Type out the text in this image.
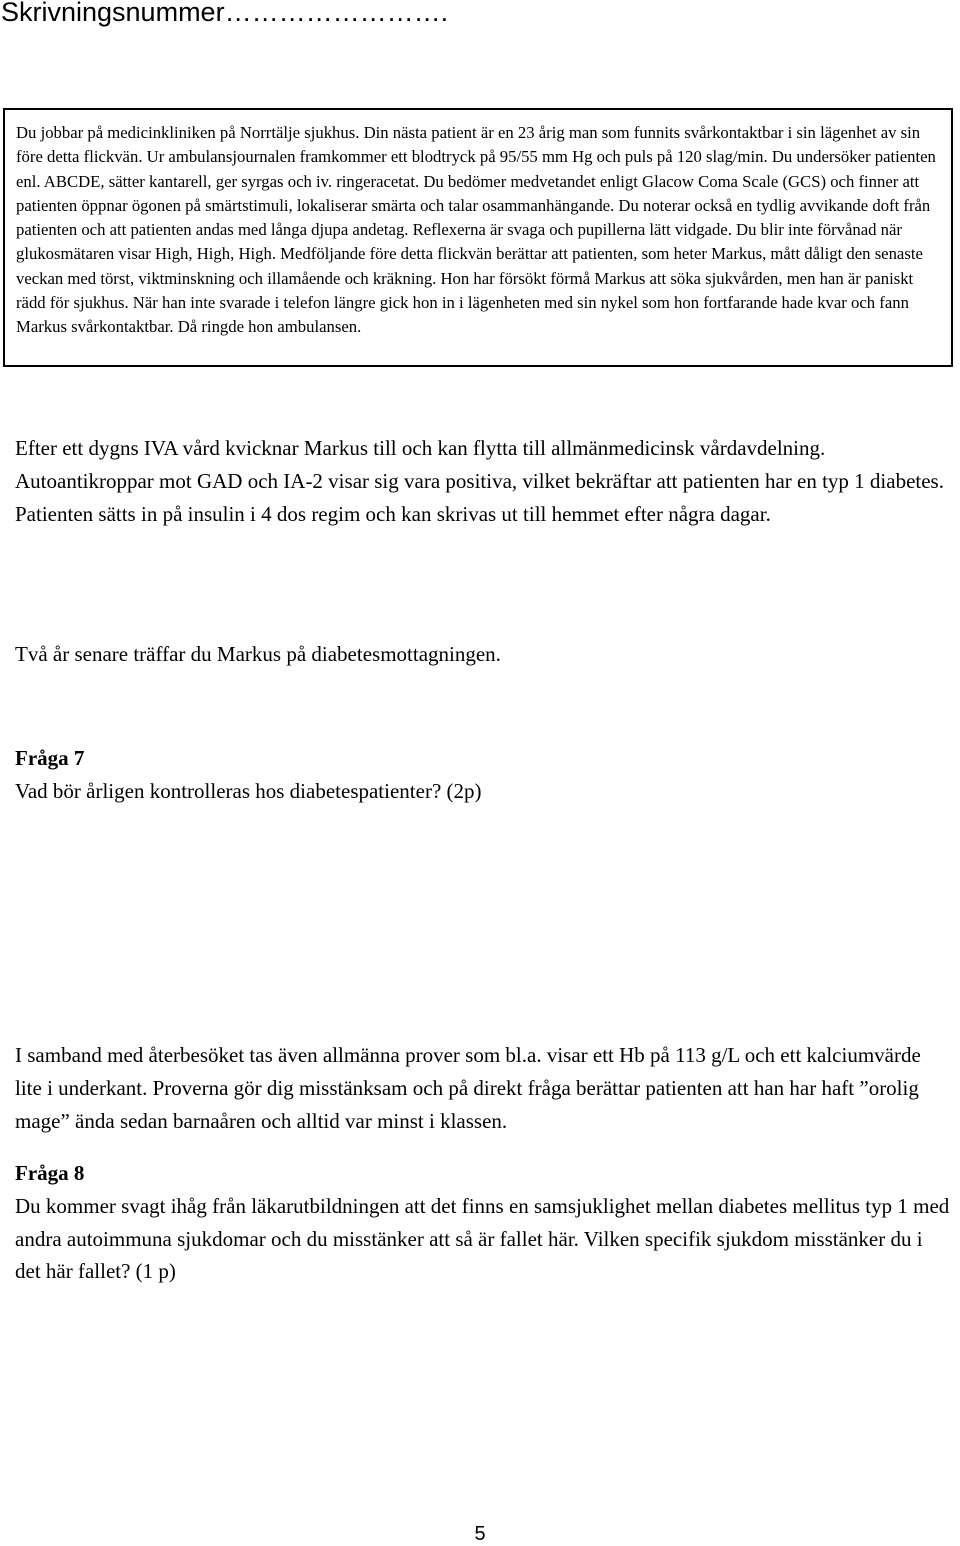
Skrivningsnummer…………………….

Du jobbar på medicinkliniken på Norrtälje sjukhus. Din nästa patient är en 23 årig man som funnits svårkontaktbar i sin lägenhet av sin före detta flickvän. Ur ambulansjournalen framkommer ett blodtryck på 95/55 mm Hg och puls på 120 slag/min. Du undersöker patienten enl. ABCDE, sätter kantarell, ger syrgas och iv. ringeracetat. Du bedömer medvetandet enligt Glacow Coma Scale (GCS) och finner att patienten öppnar ögonen på smärtstimuli, lokaliserar smärta och talar osammanhängande. Du noterar också en tydlig avvikande doft från patienten och att patienten andas med långa djupa andetag. Reflexerna är svaga och pupillerna lätt vidgade. Du blir inte förvånad när glukosmätaren visar High, High, High. Medföljande före detta flickvän berättar att patienten, som heter Markus, mått dåligt den senaste veckan med törst, viktminskning och illamående och kräkning. Hon har försökt förmå Markus att söka sjukvården, men han är paniskt rädd för sjukhus. När han inte svarade i telefon längre gick hon in i lägenheten med sin nykel som hon fortfarande hade kvar och fann Markus svårkontaktbar. Då ringde hon ambulansen.

Efter ett dygns IVA vård kvicknar Markus till och kan flytta till allmänmedicinsk vårdavdelning. Autoantikroppar mot GAD och IA-2 visar sig vara positiva, vilket bekräftar att patienten har en typ 1 diabetes. Patienten sätts in på insulin i 4 dos regim och kan skrivas ut till hemmet efter några dagar.

Två år senare träffar du Markus på diabetesmottagningen.

Fråga 7
Vad bör årligen kontrolleras hos diabetespatienter? (2p)

I samband med återbesöket tas även allmänna prover som bl.a. visar ett Hb på 113 g/L och ett kalciumvärde lite i underkant. Proverna gör dig misstänksam och på direkt fråga berättar patienten att han har haft ”orolig mage” ända sedan barnaåren och alltid var minst i klassen.

Fråga 8
Du kommer svagt ihåg från läkarutbildningen att det finns en samsjuklighet mellan diabetes mellitus typ 1 med andra autoimmuna sjukdomar och du misstänker att så är fallet här. Vilken specifik sjukdom misstänker du i det här fallet? (1 p)
5
